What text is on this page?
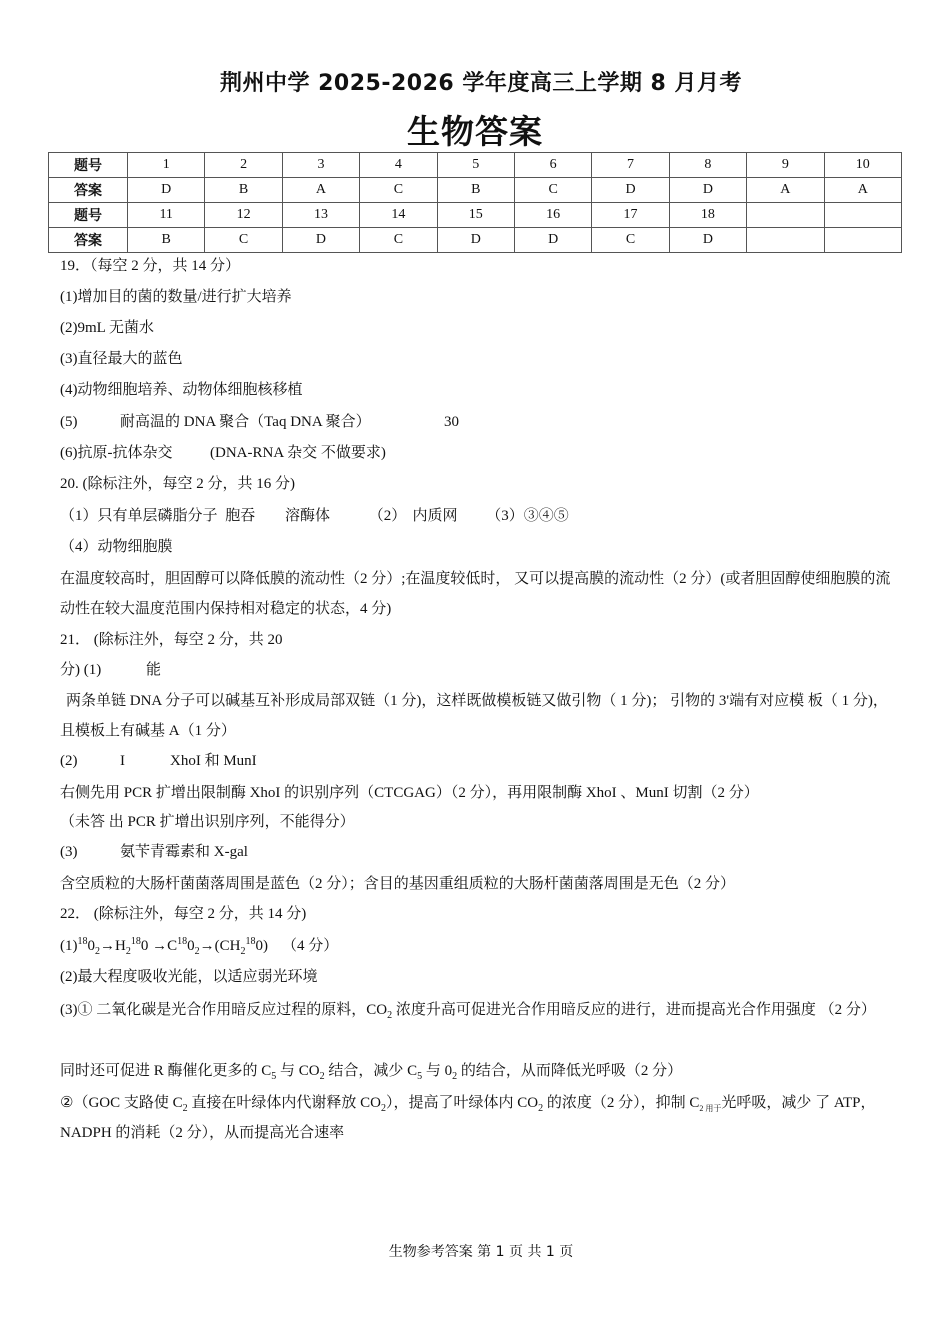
荆州中学 2025-2026 学年度高三上学期 8 月月考
生物答案
题号	1	2	3	4	5	6	7	8	9	10
答案	D	B	A	C	B	C	D	D	A	A
题号	11	12	13	14	15	16	17	18		
答案	B	C	D	C	D	D	C	D		
19．（每空 2 分，共 14 分）
(1)增加目的菌的数量/进行扩大培养
(2)9mL 无菌水
(3)直径最大的蓝色
(4)动物细胞培养、动物体细胞核移植
(5)	耐高温的 DNA 聚合（Taq DNA 聚合）	30
(6)抗原-抗体杂交	(DNA-RNA 杂交 不做要求)
20. (除标注外，每空 2 分，共 16 分)
（1）只有单层磷脂分子 胞吞 溶酶体	（2） 内质网 （3）③④⑤
（4）动物细胞膜
在温度较高时，胆固醇可以降低膜的流动性（2 分）;在温度较低时， 又可以提高膜的流动性（2 分）(或者胆固醇使细胞膜的流动性在较大温度范围内保持相对稳定的状态，4 分)
21． (除标注外，每空 2 分，共 20
分) (1)	能
两条单链 DNA 分子可以碱基互补形成局部双链（1 分)，这样既做模板链又做引物（ 1 分)； 引物的 3'端有对应模 板（ 1 分)，且模板上有碱基 A（1 分）
(2)	I	XhoI 和 MunI
右侧先用 PCR 扩增出限制酶 XhoI 的识别序列（CTCGAG）（2 分），再用限制酶 XhoI 、MunI 切割（2 分）
（未答 出 PCR 扩增出识别序列，不能得分）
(3)	氨苄青霉素和 X-gal
含空质粒的大肠杆菌菌落周围是蓝色（2 分）；含目的基因重组质粒的大肠杆菌菌落周围是无色（2 分）
22． (除标注外，每空 2 分，共 14 分)
$(1)^{18}0_2\to H_2^{18}0 \to C^{18}0_2\to(CH_2^{18}0)$ （4 分）
(2)最大程度吸收光能，以适应弱光环境
(3)① 二氧化碳是光合作用暗反应过程的原料，$CO_2$ 浓度升高可促进光合作用暗反应的进行，进而提高光合作用强度 （2 分）
同时还可促进 R 酶催化更多的 $C_5$ 与 $CO_2$ 结合，减少 $C_5$ 与 $0_2$ 的结合，从而降低光呼吸（2 分）
②（GOC 支路使 $C_2$ 直接在叶绿体内代谢释放 $CO_2$），提高了叶绿体内 $CO_2$ 的浓度（2 分），抑制 $C_{2 用于}$光呼吸，减少 了 ATP，NADPH 的消耗（2 分），从而提高光合速率
生物参考答案 第 1 页 共 1 页
